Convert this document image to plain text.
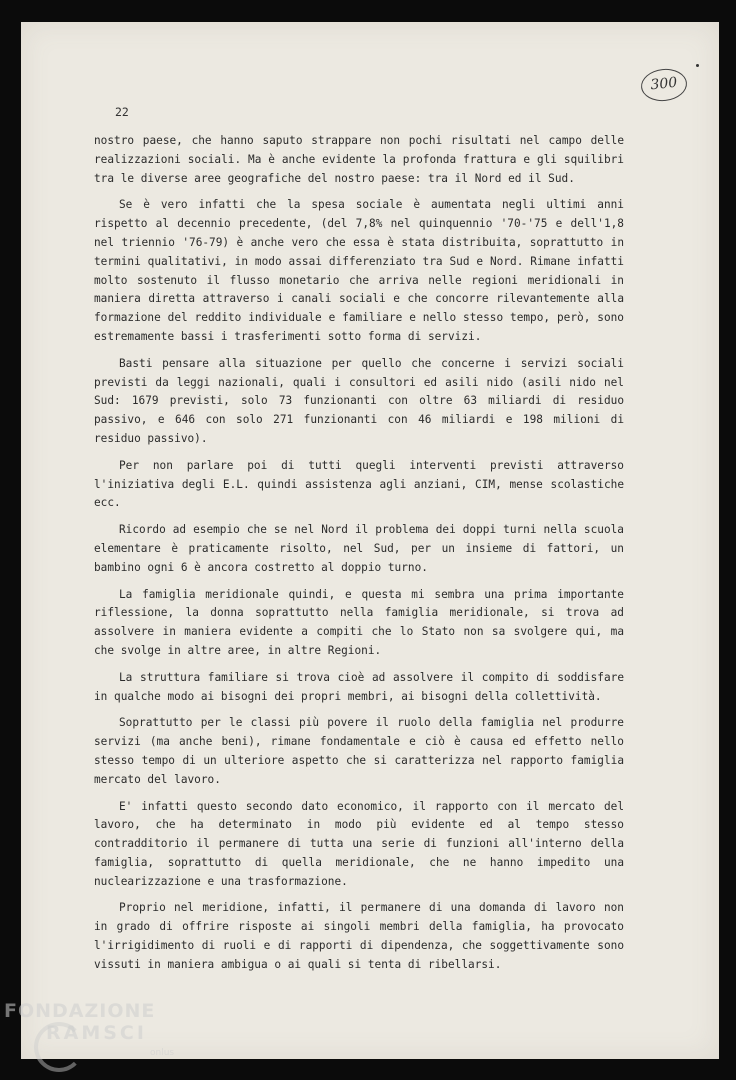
22
300

nostro paese, che hanno saputo strappare non pochi risultati nel campo delle realizzazioni sociali. Ma è anche evidente la profonda frattura e gli squilibri tra le diverse aree geografiche del nostro paese: tra il Nord ed il Sud.

Se è vero infatti che la spesa sociale è aumentata negli ultimi anni rispetto al decennio precedente, (del 7,8% nel quinquennio '70-'75 e dell'1,8 nel triennio '76-79) è anche vero che essa è stata distribuita, soprattutto in termini qualitativi, in modo assai differenziato tra Sud e Nord. Rimane infatti molto sostenuto il flusso monetario che arriva nelle regioni meridionali in maniera diretta attraverso i canali sociali e che concorre rilevantemente alla formazione del reddito individuale e familiare e nello stesso tempo, però, sono estremamente bassi i trasferimenti sotto forma di servizi.

Basti pensare alla situazione per quello che concerne i servizi sociali previsti da leggi nazionali, quali i consultori ed asili nido (asili nido nel Sud: 1679 previsti, solo 73 funzionanti con oltre 63 miliardi di residuo passivo, e 646 con solo 271 funzionanti con 46 miliardi e 198 milioni di residuo passivo).

Per non parlare poi di tutti quegli interventi previsti attraverso l'iniziativa degli E.L. quindi assistenza agli anziani, CIM, mense scolastiche ecc.

Ricordo ad esempio che se nel Nord il problema dei doppi turni nella scuola elementare è praticamente risolto, nel Sud, per un insieme di fattori, un bambino ogni 6 è ancora costretto al doppio turno.

La famiglia meridionale quindi, e questa mi sembra una prima importante riflessione, la donna soprattutto nella famiglia meridionale, si trova ad assolvere in maniera evidente a compiti che lo Stato non sa svolgere qui, ma che svolge in altre aree, in altre Regioni.

La struttura familiare si trova cioè ad assolvere il compito di soddisfare in qualche modo ai bisogni dei propri membri, ai bisogni della collettività.

Soprattutto per le classi più povere il ruolo della famiglia nel produrre servizi (ma anche beni), rimane fondamentale e ciò è causa ed effetto nello stesso tempo di un ulteriore aspetto che si caratterizza nel rapporto famiglia mercato del lavoro.

E' infatti questo secondo dato economico, il rapporto con il mercato del lavoro, che ha determinato in modo più evidente ed al tempo stesso contradditorio il permanere di tutta una serie di funzioni all'interno della famiglia, soprattutto di quella meridionale, che ne hanno impedito una nuclearizzazione e una trasformazione.

Proprio nel meridione, infatti, il permanere di una domanda di lavoro non in grado di offrire risposte ai singoli membri della famiglia, ha provocato l'irrigidimento di ruoli e di rapporti di dipendenza, che soggettivamente sono vissuti in maniera ambigua o ai quali si tenta di ribellarsi.

FONDAZIONE
RAMSCI
onlus
